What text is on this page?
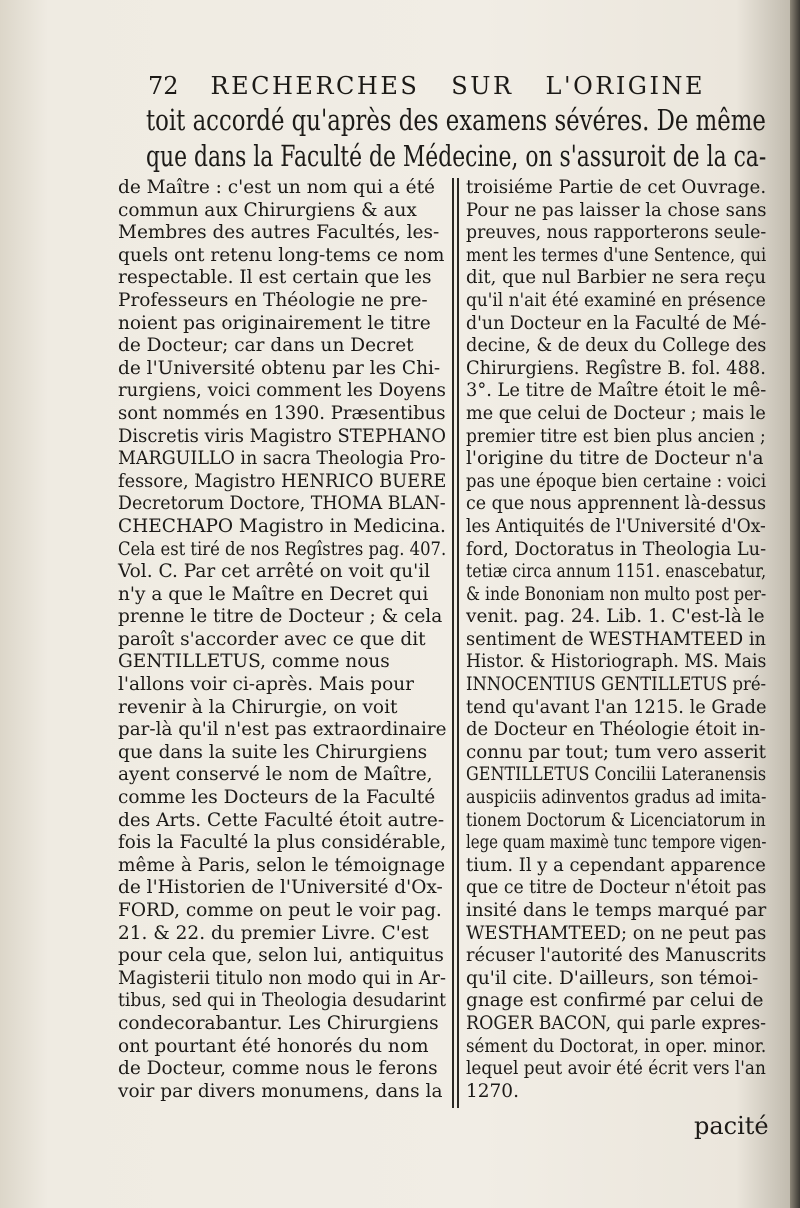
72 RECHERCHES SUR L'ORIGINE
toit accordé qu'après des examens sévéres. De même
que dans la Faculté de Médecine, on s'assuroit de la ca-
de Maître : c'est un nom qui a été
commun aux Chirurgiens & aux
Membres des autres Facultés, les-
quels ont retenu long-tems ce nom
respectable. Il est certain que les
Professeurs en Théologie ne pre-
noient pas originairement le titre
de Docteur; car dans un Decret
de l'Université obtenu par les Chi-
rurgiens, voici comment les Doyens
sont nommés en 1390. Præsentibus
Discretis viris Magistro STEPHANO
MARGUILLO in sacra Theologia Pro-
fessore, Magistro HENRICO BUERE
Decretorum Doctore, THOMA BLAN-
CHECHAPO Magistro in Medicina.
Cela est tiré de nos Regîstres pag. 407.
Vol. C. Par cet arrêté on voit qu'il
n'y a que le Maître en Decret qui
prenne le titre de Docteur ; & cela
paroît s'accorder avec ce que dit
GENTILLETUS, comme nous
l'allons voir ci-après. Mais pour
revenir à la Chirurgie, on voit
par-là qu'il n'est pas extraordinaire
que dans la suite les Chirurgiens
ayent conservé le nom de Maître,
comme les Docteurs de la Faculté
des Arts. Cette Faculté étoit autre-
fois la Faculté la plus considérable,
même à Paris, selon le témoignage
de l'Historien de l'Université d'Ox-
FORD, comme on peut le voir pag.
21. & 22. du premier Livre. C'est
pour cela que, selon lui, antiquitus
Magisterii titulo non modo qui in Ar-
tibus, sed qui in Theologia desudarint
condecorabantur. Les Chirurgiens
ont pourtant été honorés du nom
de Docteur, comme nous le ferons
voir par divers monumens, dans la
troisiéme Partie de cet Ouvrage.
Pour ne pas laisser la chose sans
preuves, nous rapporterons seule-
ment les termes d'une Sentence, qui
dit, que nul Barbier ne sera reçu
qu'il n'ait été examiné en présence
d'un Docteur en la Faculté de Mé-
decine, & de deux du College des
Chirurgiens. Regîstre B. fol. 488.
3°. Le titre de Maître étoit le mê-
me que celui de Docteur ; mais le
premier titre est bien plus ancien ;
l'origine du titre de Docteur n'a
pas une époque bien certaine : voici
ce que nous apprennent là-dessus
les Antiquités de l'Université d'Ox-
ford, Doctoratus in Theologia Lu-
tetiæ circa annum 1151. enascebatur,
& inde Bononiam non multo post per-
venit. pag. 24. Lib. 1. C'est-là le
sentiment de WESTHAMTEED in
Histor. & Historiograph. MS. Mais
INNOCENTIUS GENTILLETUS pré-
tend qu'avant l'an 1215. le Grade
de Docteur en Théologie étoit in-
connu par tout; tum vero asserit
GENTILLETUS Concilii Lateranensis
auspiciis adinventos gradus ad imita-
tionem Doctorum & Licenciatorum in
lege quam maximè tunc tempore vigen-
tium. Il y a cependant apparence
que ce titre de Docteur n'étoit pas
insité dans le temps marqué par
WESTHAMTEED; on ne peut pas
récuser l'autorité des Manuscrits
qu'il cite. D'ailleurs, son témoi-
gnage est confirmé par celui de
ROGER BACON, qui parle expres-
sément du Doctorat, in oper. minor.
lequel peut avoir été écrit vers l'an
1270.
pacité
